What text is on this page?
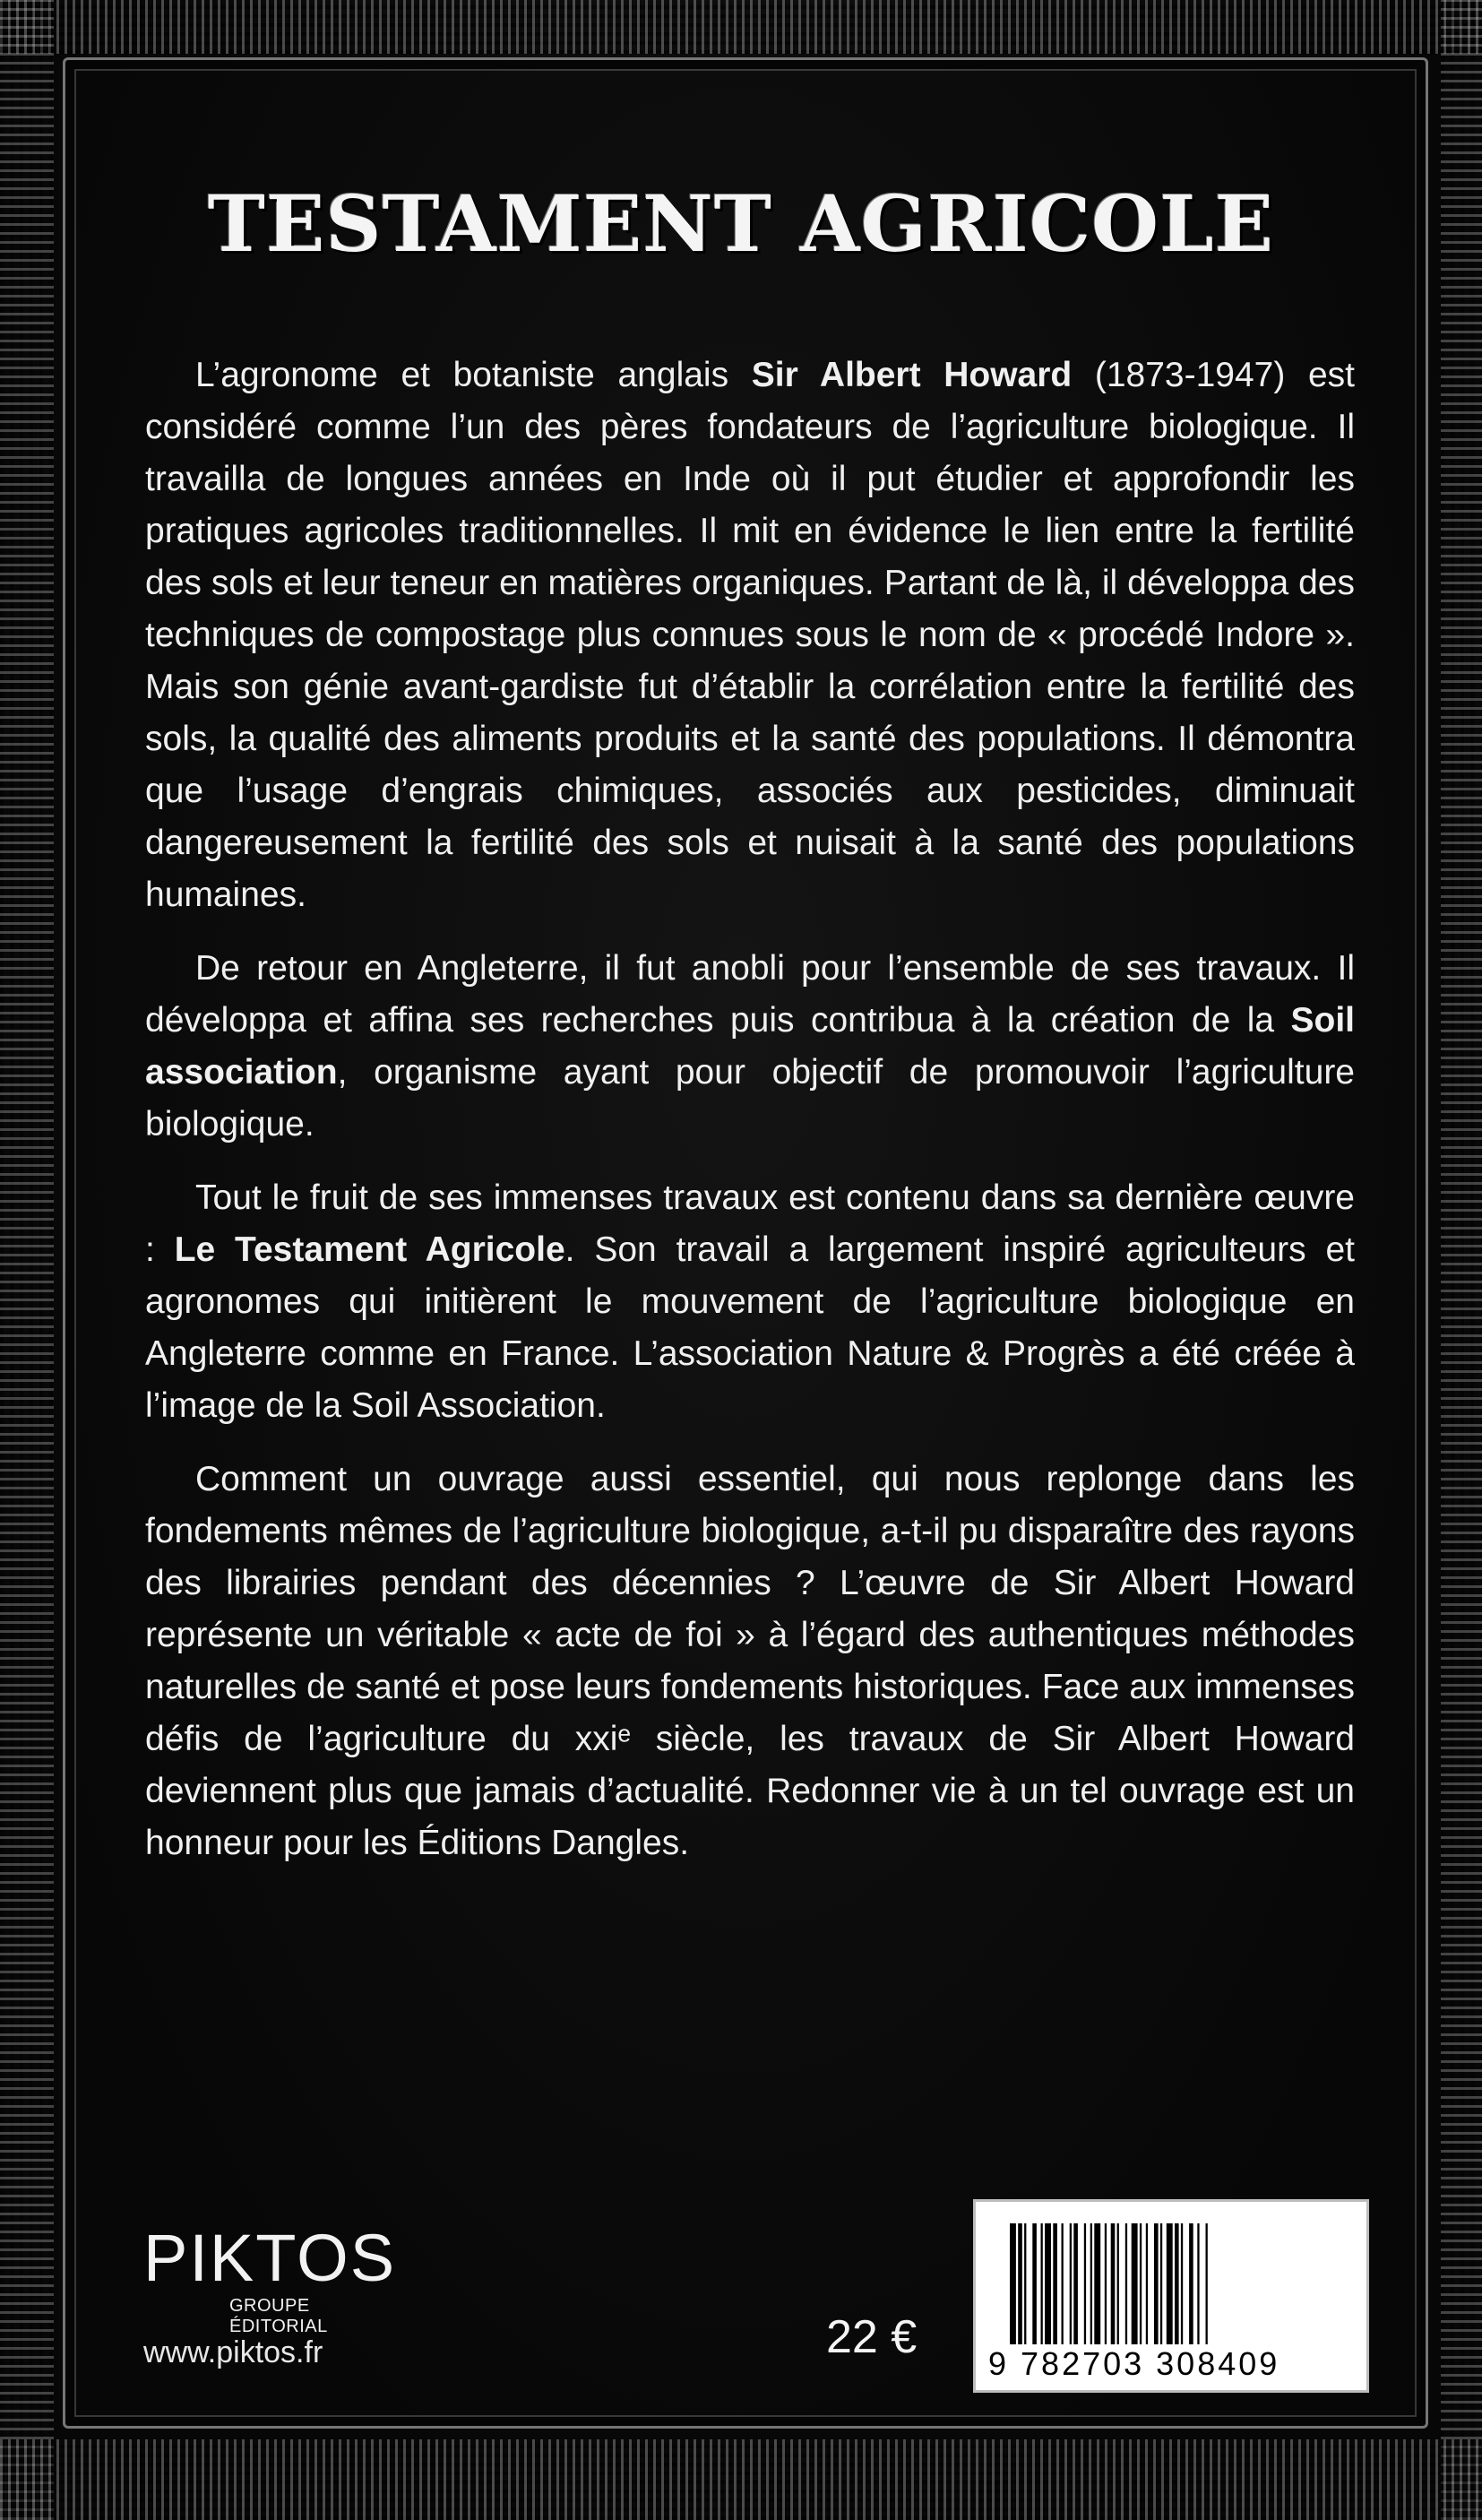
TESTAMENT AGRICOLE

L’agronome et botaniste anglais Sir Albert Howard (1873-1947) est considéré comme l’un des pères fondateurs de l’agriculture biologique. Il travailla de longues années en Inde où il put étudier et approfondir les pratiques agricoles traditionnelles. Il mit en évidence le lien entre la fertilité des sols et leur teneur en matières organiques. Partant de là, il développa des techniques de compostage plus connues sous le nom de « procédé Indore ». Mais son génie avant-gardiste fut d’établir la corrélation entre la fertilité des sols, la qualité des aliments produits et la santé des populations. Il démontra que l’usage d’engrais chimiques, associés aux pesticides, diminuait dangereusement la fertilité des sols et nuisait à la santé des populations humaines.

De retour en Angleterre, il fut anobli pour l’ensemble de ses travaux. Il développa et affina ses recherches puis contribua à la création de la Soil association, organisme ayant pour objectif de promouvoir l’agriculture biologique.

Tout le fruit de ses immenses travaux est contenu dans sa dernière œuvre : Le Testament Agricole. Son travail a largement inspiré agriculteurs et agronomes qui initièrent le mouvement de l’agriculture biologique en Angleterre comme en France. L’association Nature & Progrès a été créée à l’image de la Soil Association.

Comment un ouvrage aussi essentiel, qui nous replonge dans les fondements mêmes de l’agriculture biologique, a-t-il pu disparaître des rayons des librairies pendant des décennies ? L’œuvre de Sir Albert Howard représente un véritable « acte de foi » à l’égard des authentiques méthodes naturelles de santé et pose leurs fondements historiques. Face aux immenses défis de l’agriculture du xxiᵉ siècle, les travaux de Sir Albert Howard deviennent plus que jamais d’actualité. Redonner vie à un tel ouvrage est un honneur pour les Éditions Dangles.

PIKTOS
GROUPE ÉDITORIAL
www.piktos.fr	22 €
9 782703 308409
